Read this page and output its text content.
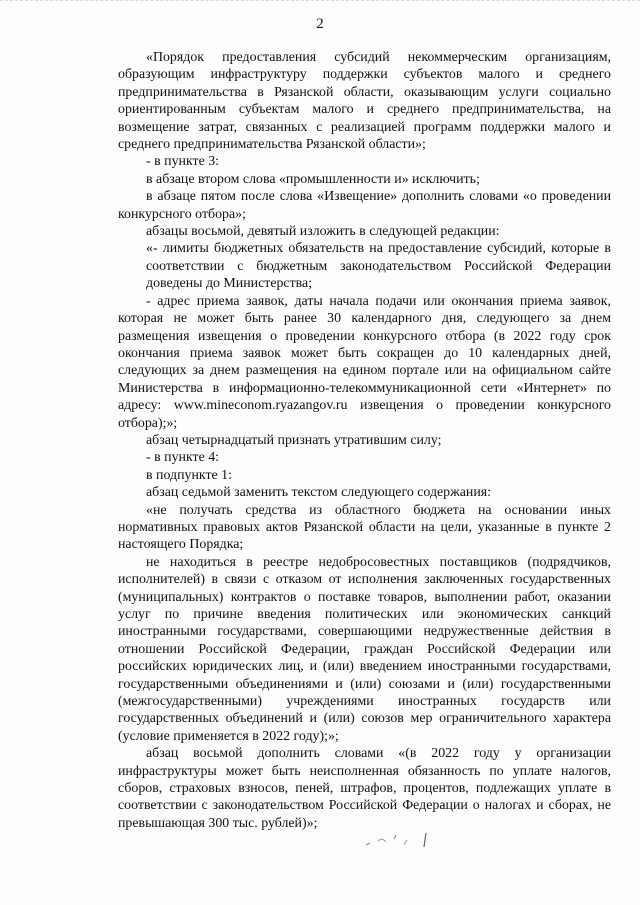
2

«Порядок предоставления субсидий некоммерческим организациям, образующим инфраструктуру поддержки субъектов малого и среднего предпринимательства в Рязанской области, оказывающим услуги социально ориентированным субъектам малого и среднего предпринимательства, на возмещение затрат, связанных с реализацией программ поддержки малого и среднего предпринимательства Рязанской области»;

- в пункте 3:

в абзаце втором слова «промышленности и» исключить;

в абзаце пятом после слова «Извещение» дополнить словами «о проведении конкурсного отбора»;

абзацы восьмой, девятый изложить в следующей редакции:

«- лимиты бюджетных обязательств на предоставление субсидий, которые в соответствии с бюджетным законодательством Российской Федерации доведены до Министерства;

- адрес приема заявок, даты начала подачи или окончания приема заявок, которая не может быть ранее 30 календарного дня, следующего за днем размещения извещения о проведении конкурсного отбора (в 2022 году срок окончания приема заявок может быть сокращен до 10 календарных дней, следующих за днем размещения на едином портале или на официальном сайте Министерства в информационно-телекоммуникационной сети «Интернет» по адресу: www.mineconom.ryazangov.ru извещения о проведении конкурсного отбора);»;

абзац четырнадцатый признать утратившим силу;

- в пункте 4:

в подпункте 1:

абзац седьмой заменить текстом следующего содержания:

«не получать средства из областного бюджета на основании иных нормативных правовых актов Рязанской области на цели, указанные в пункте 2 настоящего Порядка;

не находиться в реестре недобросовестных поставщиков (подрядчиков, исполнителей) в связи с отказом от исполнения заключенных государственных (муниципальных) контрактов о поставке товаров, выполнении работ, оказании услуг по причине введения политических или экономических санкций иностранными государствами, совершающими недружественные действия в отношении Российской Федерации, граждан Российской Федерации или российских юридических лиц, и (или) введением иностранными государствами, государственными объединениями и (или) союзами и (или) государственными (межгосударственными) учреждениями иностранных государств или государственных объединений и (или) союзов мер ограничительного характера (условие применяется в 2022 году);»;

абзац восьмой дополнить словами «(в 2022 году у организации инфраструктуры может быть неисполненная обязанность по уплате налогов, сборов, страховых взносов, пеней, штрафов, процентов, подлежащих уплате в соответствии с законодательством Российской Федерации о налогах и сборах, не превышающая 300 тыс. рублей)»;
